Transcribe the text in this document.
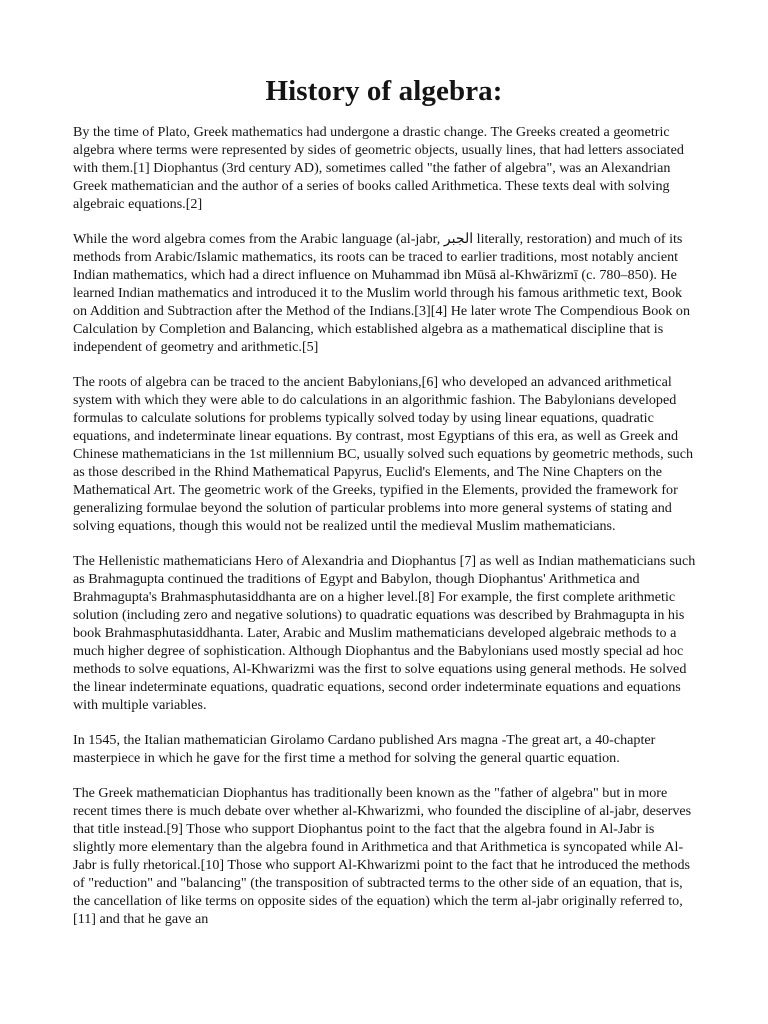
History of algebra:

By the time of Plato, Greek mathematics had undergone a drastic change. The Greeks created a geometric algebra where terms were represented by sides of geometric objects, usually lines, that had letters associated with them.[1] Diophantus (3rd century AD), sometimes called "the father of algebra", was an Alexandrian Greek mathematician and the author of a series of books called Arithmetica. These texts deal with solving algebraic equations.[2]

While the word algebra comes from the Arabic language (al-jabr, الجبر literally, restoration) and much of its methods from Arabic/Islamic mathematics, its roots can be traced to earlier traditions, most notably ancient Indian mathematics, which had a direct influence on Muhammad ibn Mūsā al-Khwārizmī (c. 780–850). He learned Indian mathematics and introduced it to the Muslim world through his famous arithmetic text, Book on Addition and Subtraction after the Method of the Indians.[3][4] He later wrote The Compendious Book on Calculation by Completion and Balancing, which established algebra as a mathematical discipline that is independent of geometry and arithmetic.[5]

The roots of algebra can be traced to the ancient Babylonians,[6] who developed an advanced arithmetical system with which they were able to do calculations in an algorithmic fashion. The Babylonians developed formulas to calculate solutions for problems typically solved today by using linear equations, quadratic equations, and indeterminate linear equations. By contrast, most Egyptians of this era, as well as Greek and Chinese mathematicians in the 1st millennium BC, usually solved such equations by geometric methods, such as those described in the Rhind Mathematical Papyrus, Euclid's Elements, and The Nine Chapters on the Mathematical Art. The geometric work of the Greeks, typified in the Elements, provided the framework for generalizing formulae beyond the solution of particular problems into more general systems of stating and solving equations, though this would not be realized until the medieval Muslim mathematicians.

The Hellenistic mathematicians Hero of Alexandria and Diophantus [7] as well as Indian mathematicians such as Brahmagupta continued the traditions of Egypt and Babylon, though Diophantus' Arithmetica and Brahmagupta's Brahmasphutasiddhanta are on a higher level.[8] For example, the first complete arithmetic solution (including zero and negative solutions) to quadratic equations was described by Brahmagupta in his book Brahmasphutasiddhanta. Later, Arabic and Muslim mathematicians developed algebraic methods to a much higher degree of sophistication. Although Diophantus and the Babylonians used mostly special ad hoc methods to solve equations, Al-Khwarizmi was the first to solve equations using general methods. He solved the linear indeterminate equations, quadratic equations, second order indeterminate equations and equations with multiple variables.

In 1545, the Italian mathematician Girolamo Cardano published Ars magna -The great art, a 40-chapter masterpiece in which he gave for the first time a method for solving the general quartic equation.

The Greek mathematician Diophantus has traditionally been known as the "father of algebra" but in more recent times there is much debate over whether al-Khwarizmi, who founded the discipline of al-jabr, deserves that title instead.[9] Those who support Diophantus point to the fact that the algebra found in Al-Jabr is slightly more elementary than the algebra found in Arithmetica and that Arithmetica is syncopated while Al-Jabr is fully rhetorical.[10] Those who support Al-Khwarizmi point to the fact that he introduced the methods of "reduction" and "balancing" (the transposition of subtracted terms to the other side of an equation, that is, the cancellation of like terms on opposite sides of the equation) which the term al-jabr originally referred to,[11] and that he gave an
